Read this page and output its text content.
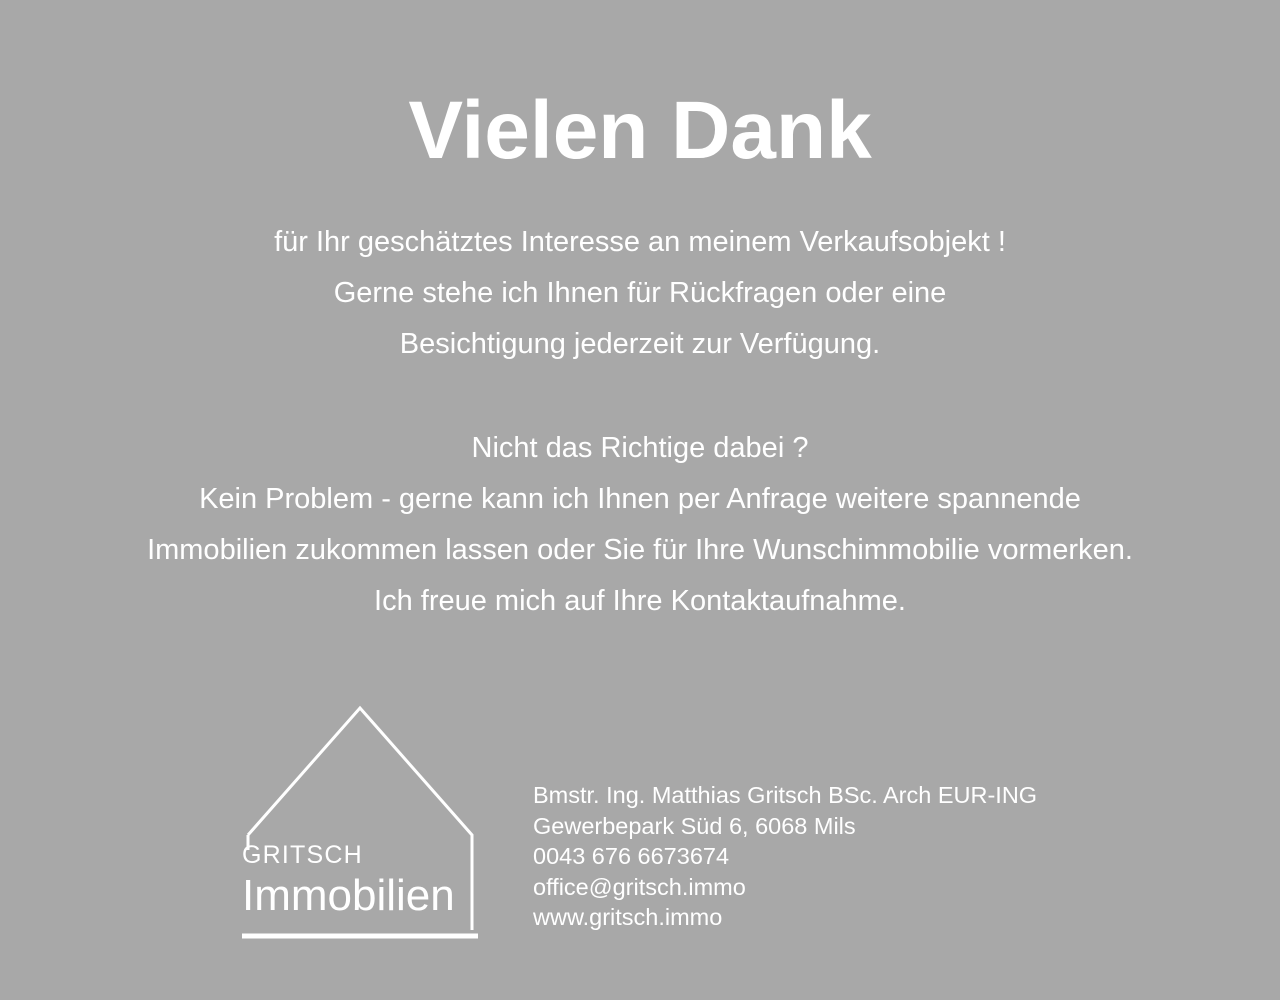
Vielen Dank
für Ihr geschätztes Interesse an meinem Verkaufsobjekt !
Gerne stehe ich Ihnen für Rückfragen oder eine
Besichtigung jederzeit zur Verfügung.
Nicht das Richtige dabei ?
Kein Problem - gerne kann ich Ihnen per Anfrage weitere spannende
Immobilien zukommen lassen oder Sie für Ihre Wunschimmobilie vormerken.
Ich freue mich auf Ihre Kontaktaufnahme.
GRITSCH
Immobilien
Bmstr. Ing. Matthias Gritsch BSc. Arch EUR-ING
Gewerbepark Süd 6, 6068 Mils
0043 676 6673674
office@gritsch.immo
www.gritsch.immo
